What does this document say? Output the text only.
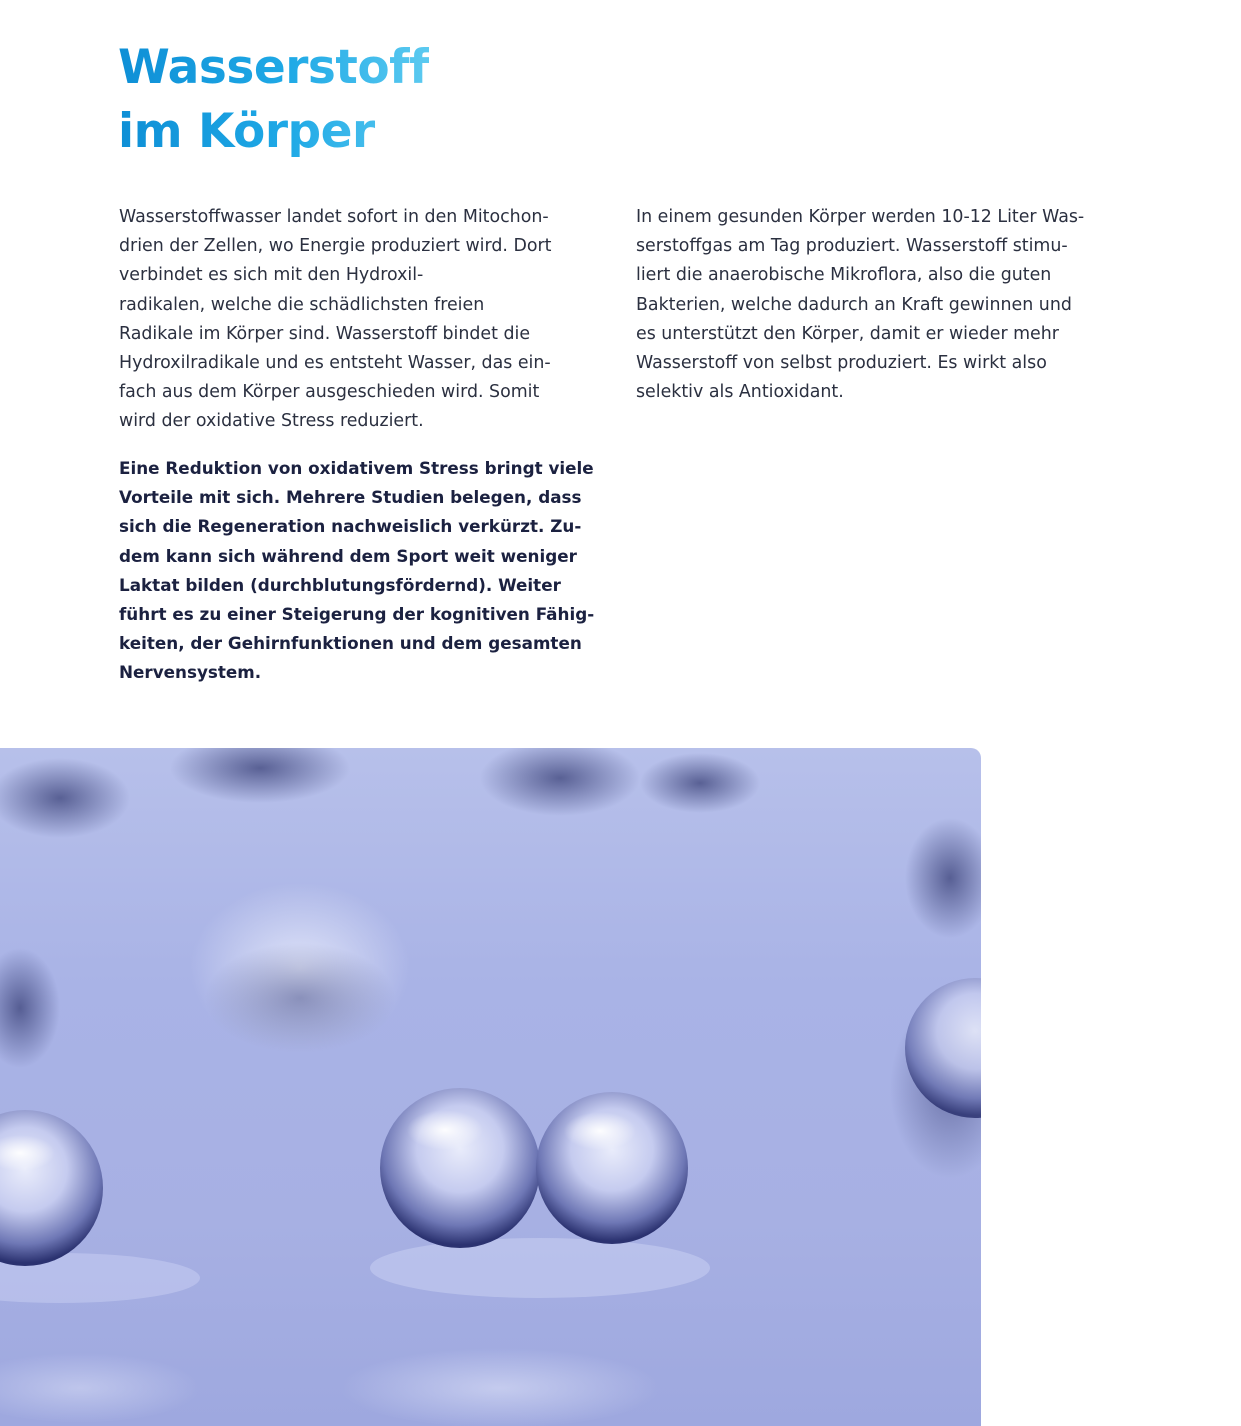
Wasserstoff
im Körper

Wasserstoffwasser landet sofort in den Mitochon-
drien der Zellen, wo Energie produziert wird. Dort
verbindet es sich mit den Hydroxil-
radikalen, welche die schädlichsten freien
Radikale im Körper sind. Wasserstoff bindet die
Hydroxilradikale und es entsteht Wasser, das ein-
fach aus dem Körper ausgeschieden wird. Somit
wird der oxidative Stress reduziert.

Eine Reduktion von oxidativem Stress bringt viele
Vorteile mit sich. Mehrere Studien belegen, dass
sich die Regeneration nachweislich verkürzt. Zu-
dem kann sich während dem Sport weit weniger
Laktat bilden (durchblutungsfördernd). Weiter
führt es zu einer Steigerung der kognitiven Fähig-
keiten, der Gehirnfunktionen und dem gesamten
Nervensystem.

In einem gesunden Körper werden 10-12 Liter Was-
serstoffgas am Tag produziert. Wasserstoff stimu-
liert die anaerobische Mikroflora, also die guten
Bakterien, welche dadurch an Kraft gewinnen und
es unterstützt den Körper, damit er wieder mehr
Wasserstoff von selbst produziert. Es wirkt also
selektiv als Antioxidant.
